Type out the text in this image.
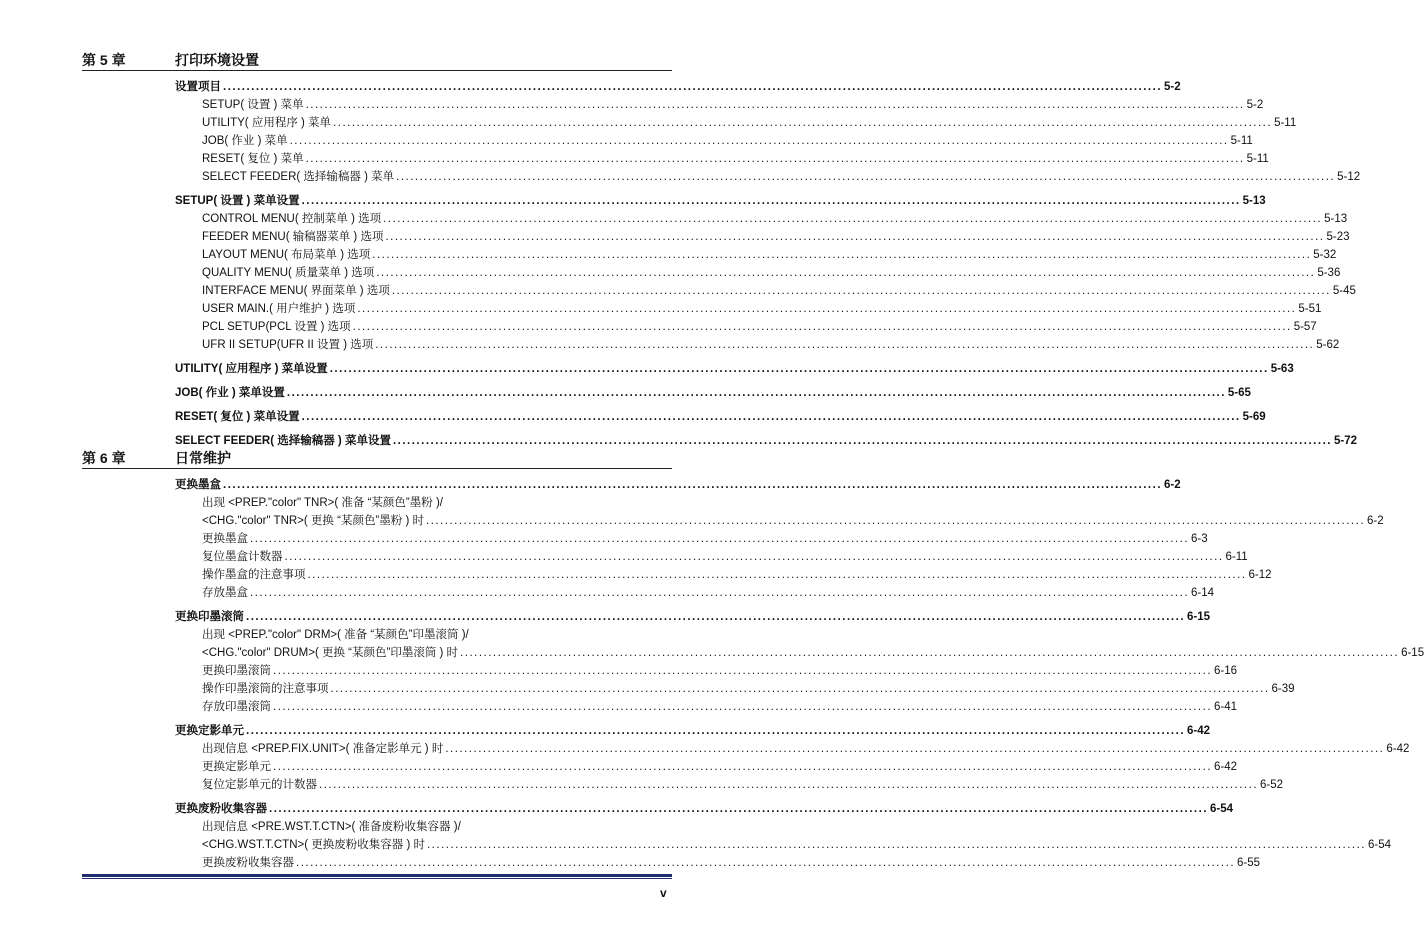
第 5 章	打印环境设置
设置项目 ........................................................................................................................................................................................................ 5-2
SETUP( 设置 ) 菜单 ........................................................................................................................................................................................................ 5-2
UTILITY( 应用程序 ) 菜单 ........................................................................................................................................................................................................ 5-11
JOB( 作业 ) 菜单 ........................................................................................................................................................................................................ 5-11
RESET( 复位 ) 菜单 ........................................................................................................................................................................................................ 5-11
SELECT FEEDER( 选择输稿器 ) 菜单 ........................................................................................................................................................................................................ 5-12
SETUP( 设置 ) 菜单设置 ........................................................................................................................................................................................................ 5-13
CONTROL MENU( 控制菜单 ) 选项 ........................................................................................................................................................................................................ 5-13
FEEDER MENU( 输稿器菜单 ) 选项 ........................................................................................................................................................................................................ 5-23
LAYOUT MENU( 布局菜单 ) 选项 ........................................................................................................................................................................................................ 5-32
QUALITY MENU( 质量菜单 ) 选项 ........................................................................................................................................................................................................ 5-36
INTERFACE MENU( 界面菜单 ) 选项 ........................................................................................................................................................................................................ 5-45
USER MAIN.( 用户维护 ) 选项 ........................................................................................................................................................................................................ 5-51
PCL SETUP(PCL 设置 ) 选项 ........................................................................................................................................................................................................ 5-57
UFR II SETUP(UFR II 设置 ) 选项 ........................................................................................................................................................................................................ 5-62
UTILITY( 应用程序 ) 菜单设置 ........................................................................................................................................................................................................ 5-63
JOB( 作业 ) 菜单设置 ........................................................................................................................................................................................................ 5-65
RESET( 复位 ) 菜单设置 ........................................................................................................................................................................................................ 5-69
SELECT FEEDER( 选择输稿器 ) 菜单设置 ........................................................................................................................................................................................................ 5-72
第 6 章	日常维护
更换墨盒 ........................................................................................................................................................................................................ 6-2
出现 <PREP."color" TNR>( 准备 “某颜色”墨粉 )/
<CHG."color" TNR>( 更换 “某颜色”墨粉 ) 时 ........................................................................................................................................................................................................ 6-2
更换墨盒 ........................................................................................................................................................................................................ 6-3
复位墨盒计数器 ........................................................................................................................................................................................................ 6-11
操作墨盒的注意事项 ........................................................................................................................................................................................................ 6-12
存放墨盒 ........................................................................................................................................................................................................ 6-14
更换印墨滚筒 ........................................................................................................................................................................................................ 6-15
出现 <PREP."color" DRM>( 准备 “某颜色”印墨滚筒 )/
<CHG."color" DRUM>( 更换 “某颜色”印墨滚筒 ) 时 ........................................................................................................................................................................................................ 6-15
更换印墨滚筒 ........................................................................................................................................................................................................ 6-16
操作印墨滚筒的注意事项 ........................................................................................................................................................................................................ 6-39
存放印墨滚筒 ........................................................................................................................................................................................................ 6-41
更换定影单元 ........................................................................................................................................................................................................ 6-42
出现信息 <PREP.FIX.UNIT>( 准备定影单元 ) 时 ........................................................................................................................................................................................................ 6-42
更换定影单元 ........................................................................................................................................................................................................ 6-42
复位定影单元的计数器 ........................................................................................................................................................................................................ 6-52
更换废粉收集容器 ........................................................................................................................................................................................................ 6-54
出现信息 <PRE.WST.T.CTN>( 准备废粉收集容器 )/
<CHG.WST.T.CTN>( 更换废粉收集容器 ) 时 ........................................................................................................................................................................................................ 6-54
更换废粉收集容器 ........................................................................................................................................................................................................ 6-55
v
